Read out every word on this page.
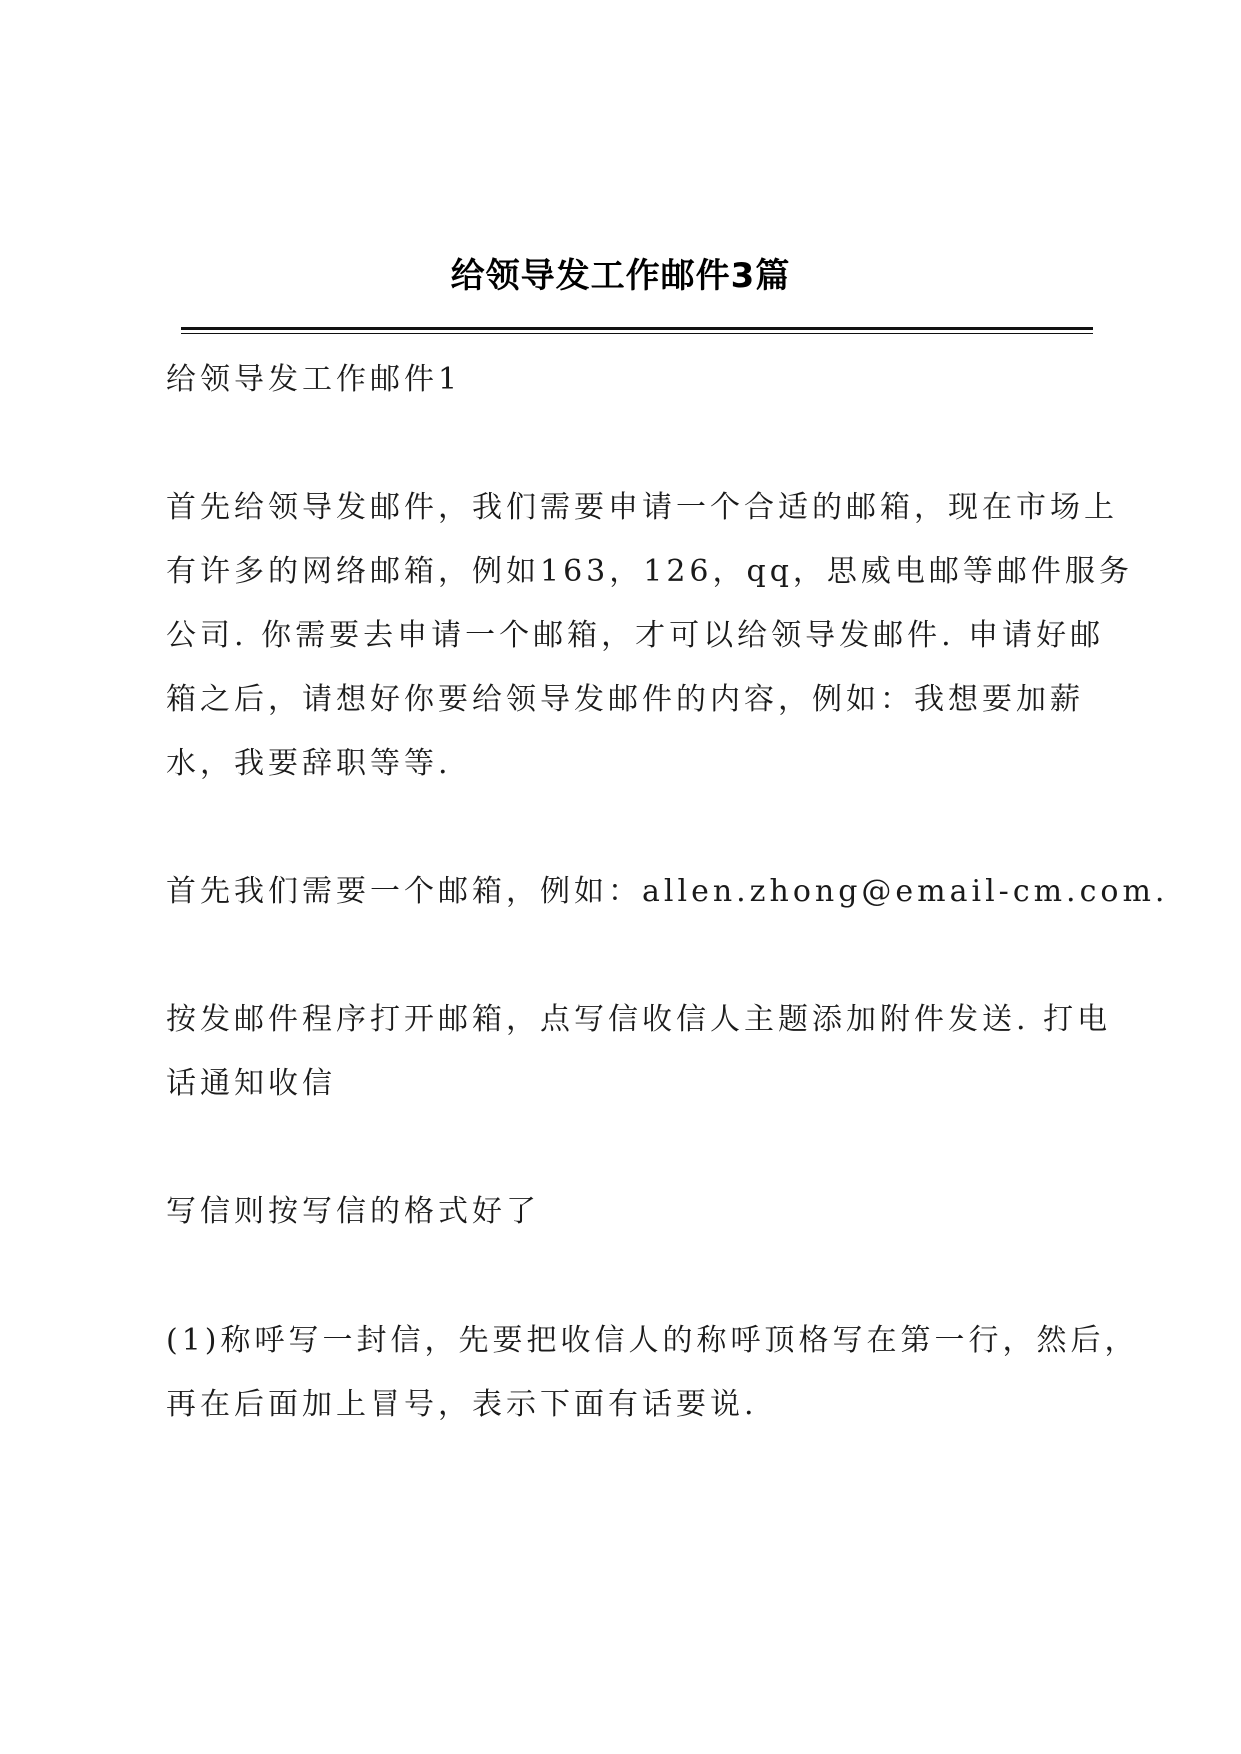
给领导发工作邮件3篇
给领导发工作邮件1
首先给领导发邮件，我们需要申请一个合适的邮箱，现在市场上
有许多的网络邮箱，例如163，126，qq，思威电邮等邮件服务
公司. 你需要去申请一个邮箱，才可以给领导发邮件. 申请好邮
箱之后，请想好你要给领导发邮件的内容，例如：我想要加薪
水，我要辞职等等.
首先我们需要一个邮箱，例如：allen.zhong@email-cm.com.
按发邮件程序打开邮箱，点写信收信人主题添加附件发送. 打电
话通知收信
写信则按写信的格式好了
(1)称呼写一封信，先要把收信人的称呼顶格写在第一行，然后，
再在后面加上冒号，表示下面有话要说.
